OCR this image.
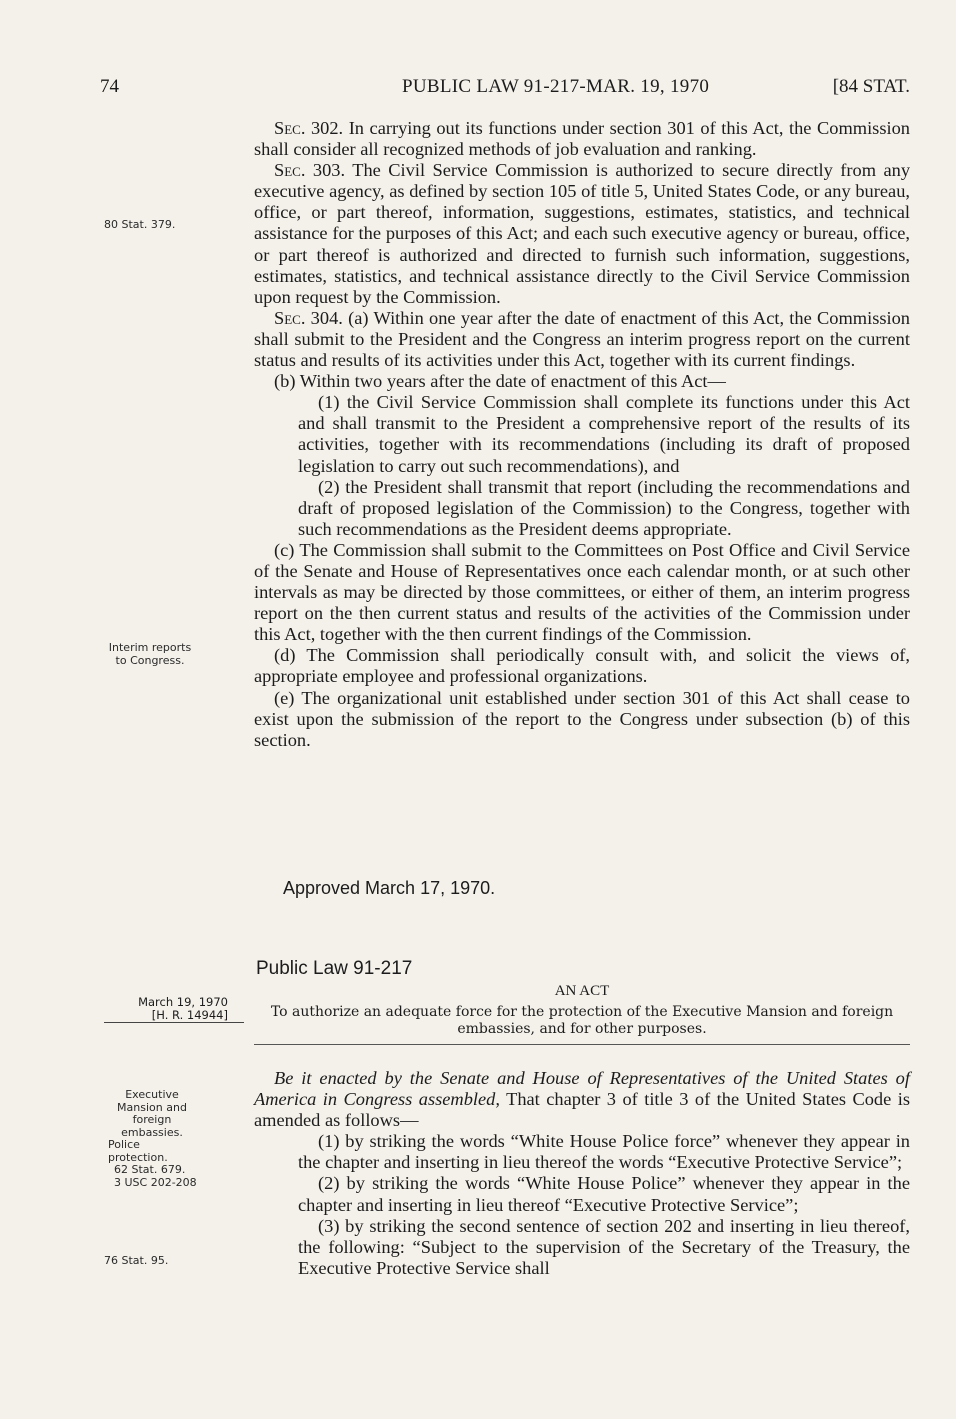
74	PUBLIC LAW 91-217-MAR. 19, 1970	[84 STAT.
80 Stat. 379.
Interim reports to Congress.
March 19, 1970
[H. R. 14944]
Executive Mansion and foreign embassies.
Police protection.
62 Stat. 679.
3 USC 202-208
76 Stat. 95.

Sec. 302. In carrying out its functions under section 301 of this Act, the Commission shall consider all recognized methods of job evaluation and ranking.

Sec. 303. The Civil Service Commission is authorized to secure directly from any executive agency, as defined by section 105 of title 5, United States Code, or any bureau, office, or part thereof, information, suggestions, estimates, statistics, and technical assistance for the purposes of this Act; and each such executive agency or bureau, office, or part thereof is authorized and directed to furnish such information, suggestions, estimates, statistics, and technical assistance directly to the Civil Service Commission upon request by the Commission.

Sec. 304. (a) Within one year after the date of enactment of this Act, the Commission shall submit to the President and the Congress an interim progress report on the current status and results of its activities under this Act, together with its current findings.

(b) Within two years after the date of enactment of this Act—

(1) the Civil Service Commission shall complete its functions under this Act and shall transmit to the President a comprehensive report of the results of its activities, together with its recommendations (including its draft of proposed legislation to carry out such recommendations), and

(2) the President shall transmit that report (including the recommendations and draft of proposed legislation of the Commission) to the Congress, together with such recommendations as the President deems appropriate.

(c) The Commission shall submit to the Committees on Post Office and Civil Service of the Senate and House of Representatives once each calendar month, or at such other intervals as may be directed by those committees, or either of them, an interim progress report on the then current status and results of the activities of the Commission under this Act, together with the then current findings of the Commission.

(d) The Commission shall periodically consult with, and solicit the views of, appropriate employee and professional organizations.

(e) The organizational unit established under section 301 of this Act shall cease to exist upon the submission of the report to the Congress under subsection (b) of this section.

Approved March 17, 1970.
Public Law 91-217
AN ACT
To authorize an adequate force for the protection of the Executive Mansion and foreign embassies, and for other purposes.

Be it enacted by the Senate and House of Representatives of the United States of America in Congress assembled, That chapter 3 of title 3 of the United States Code is amended as follows—

(1) by striking the words “White House Police force” whenever they appear in the chapter and inserting in lieu thereof the words “Executive Protective Service”;

(2) by striking the words “White House Police” whenever they appear in the chapter and inserting in lieu thereof “Executive Protective Service”;

(3) by striking the second sentence of section 202 and inserting in lieu thereof, the following: “Subject to the supervision of the Secretary of the Treasury, the Executive Protective Service shall
